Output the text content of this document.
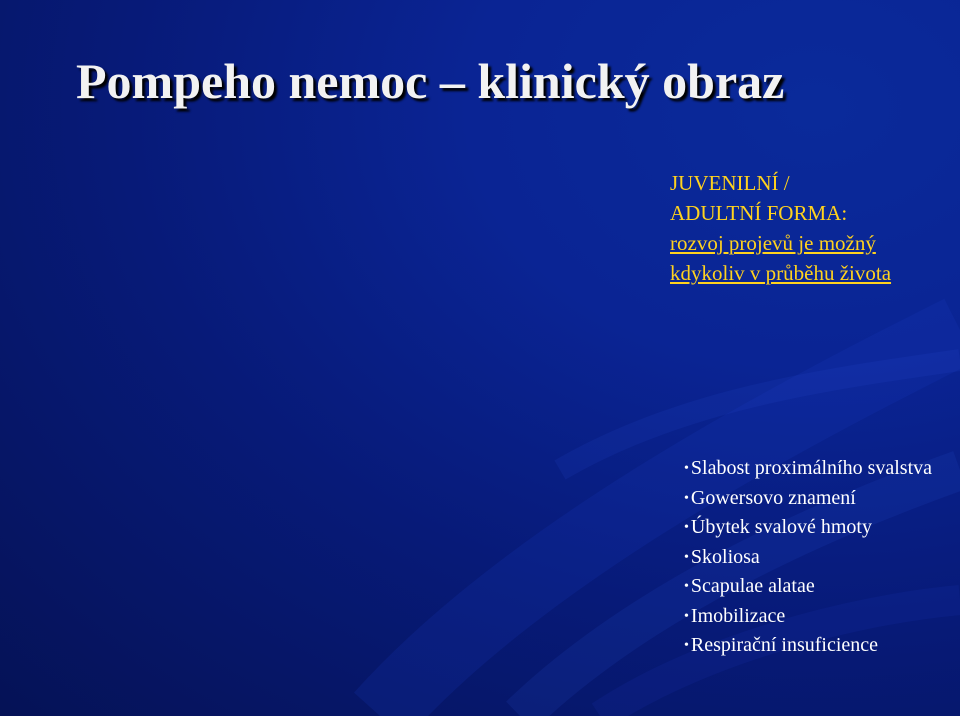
Pompeho nemoc – klinický obraz
JUVENILNÍ /
ADULTNÍ FORMA:
rozvoj projevů je možný kdykoliv v průběhu života
• Slabost proximálního svalstva
• Gowersovo znamení
• Úbytek svalové hmoty
• Skoliosa
• Scapulae alatae
• Imobilizace
• Respirační insuficience
